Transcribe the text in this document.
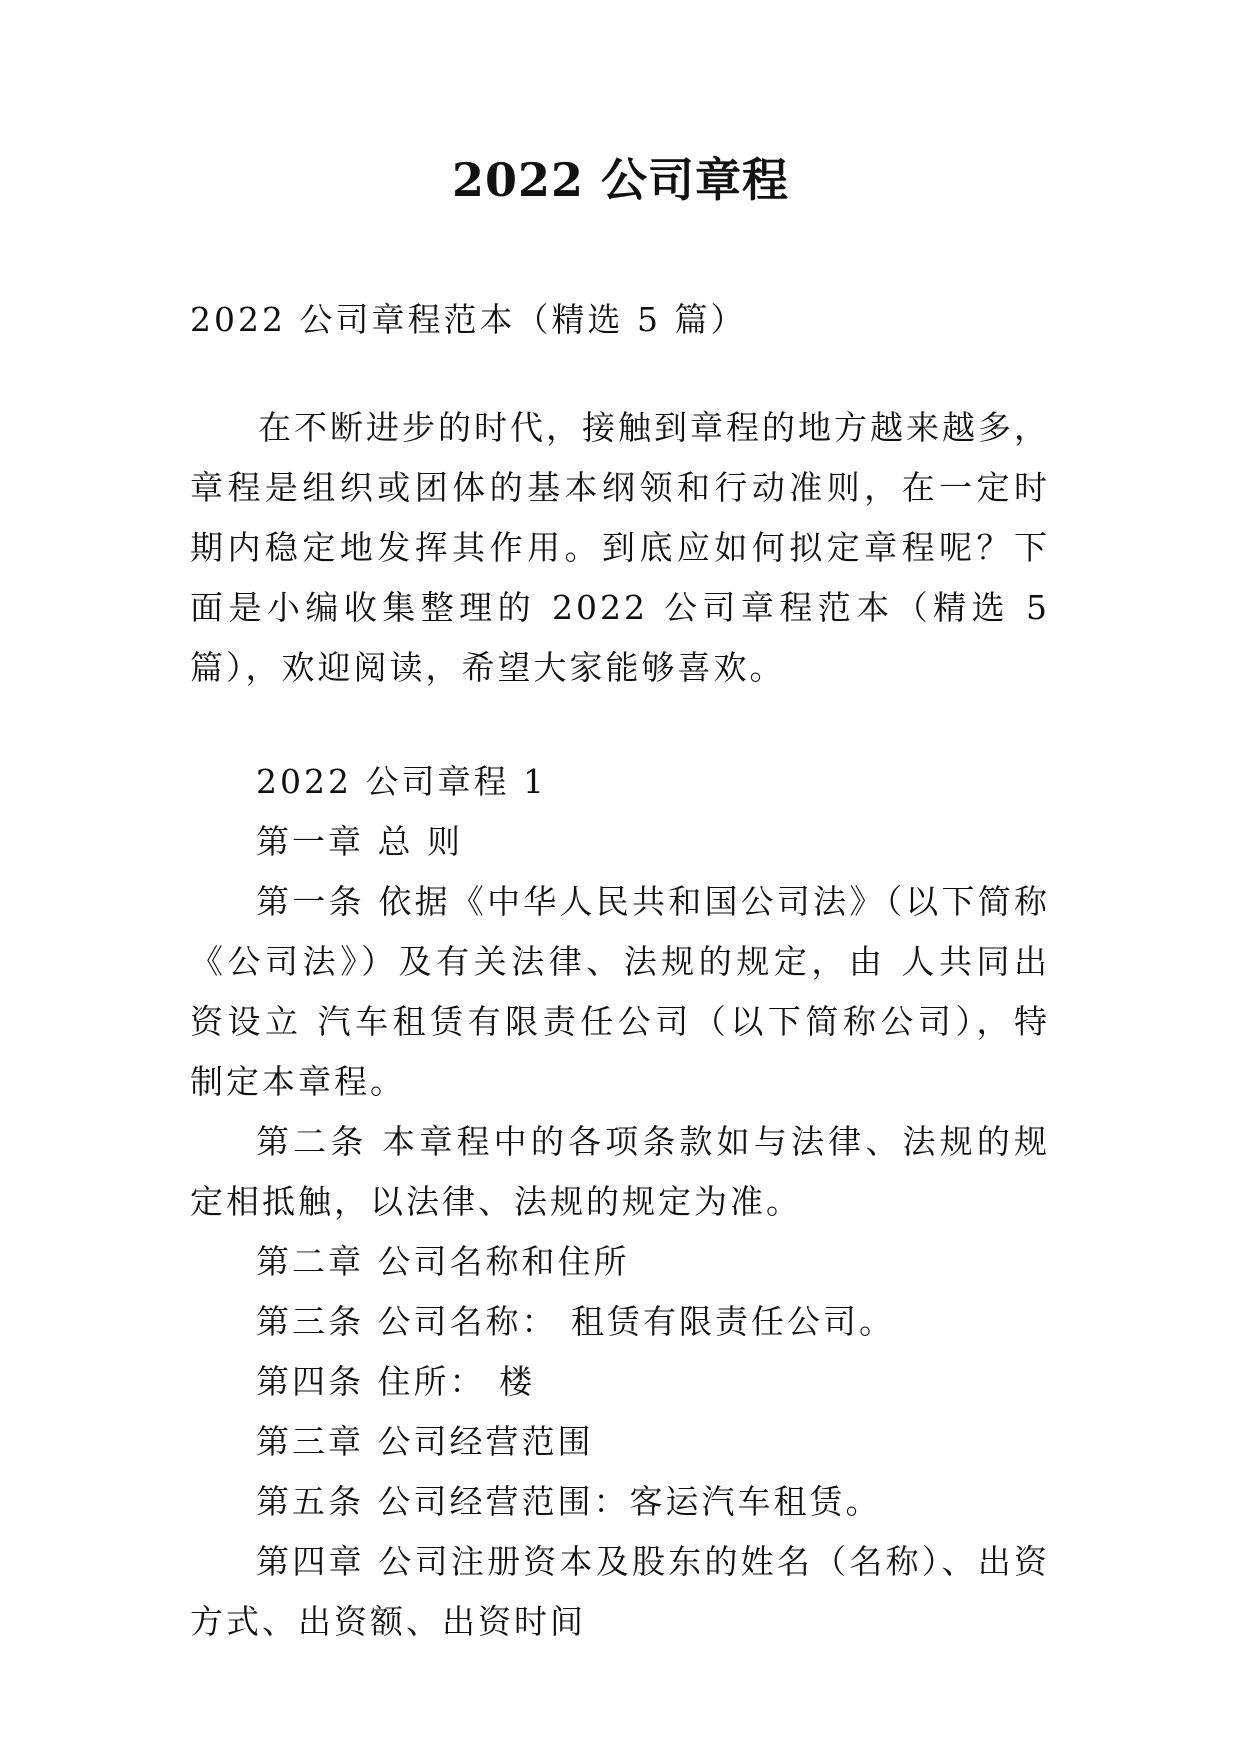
2022 公司章程
2022 公司章程范本（精选 5 篇）
在不断进步的时代，接触到章程的地方越来越多，章程是组织或团体的基本纲领和行动准则，在一定时期内稳定地发挥其作用。到底应如何拟定章程呢？下面是小编收集整理的 2022 公司章程范本（精选 5 篇），欢迎阅读，希望大家能够喜欢。

2022 公司章程 1

第一章 总 则

第一条 依据《中华人民共和国公司法》（以下简称《公司法》）及有关法律、法规的规定，由 人共同出资设立 汽车租赁有限责任公司（以下简称公司），特制定本章程。

第二条 本章程中的各项条款如与法律、法规的规定相抵触，以法律、法规的规定为准。

第二章 公司名称和住所

第三条 公司名称： 租赁有限责任公司。

第四条 住所： 楼

第三章 公司经营范围

第五条 公司经营范围：客运汽车租赁。

第四章 公司注册资本及股东的姓名（名称）、出资方式、出资额、出资时间
